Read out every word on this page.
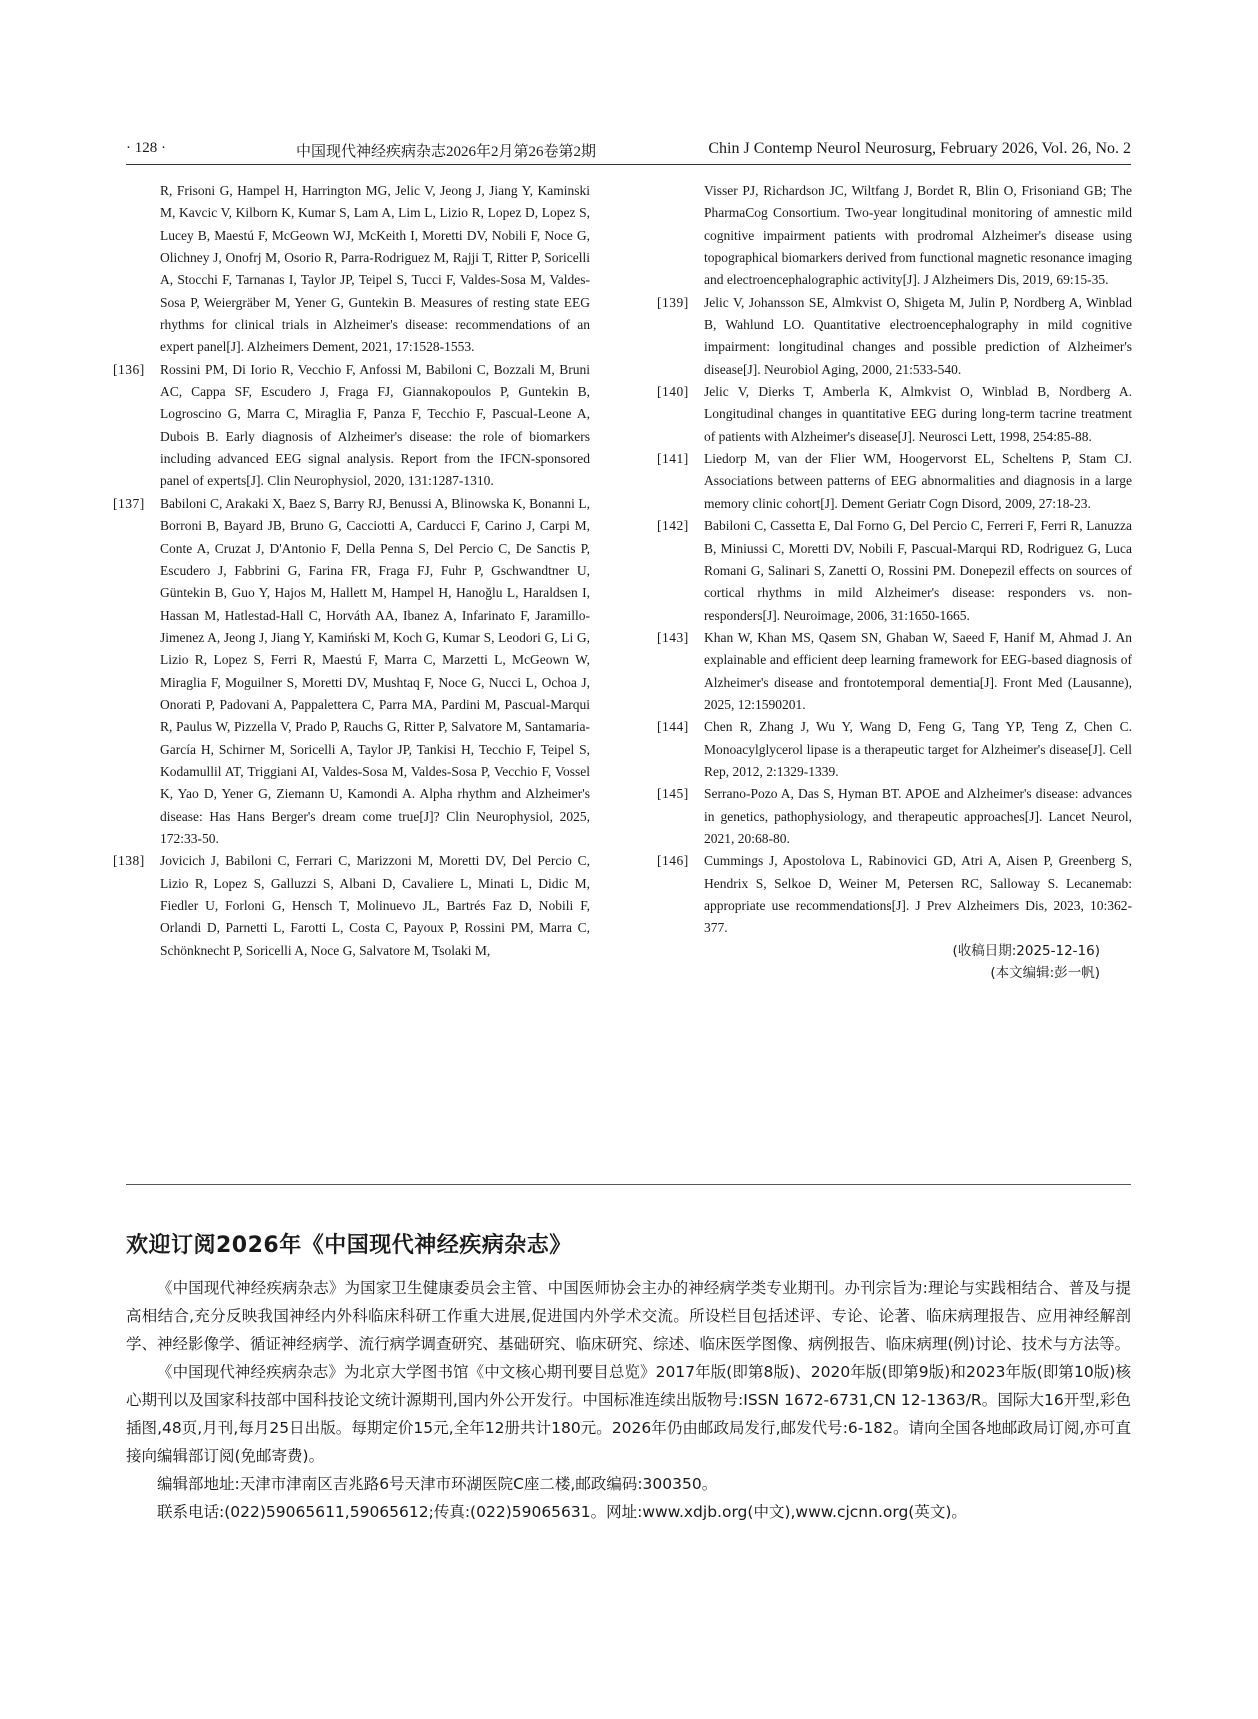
· 128 ·	中国现代神经疾病杂志2026年2月第26卷第2期	Chin J Contemp Neurol Neurosurg, February 2026, Vol. 26, No. 2

R, Frisoni G, Hampel H, Harrington MG, Jelic V, Jeong J, Jiang Y, Kaminski M, Kavcic V, Kilborn K, Kumar S, Lam A, Lim L, Lizio R, Lopez D, Lopez S, Lucey B, Maestú F, McGeown WJ, McKeith I, Moretti DV, Nobili F, Noce G, Olichney J, Onofrj M, Osorio R, Parra-Rodriguez M, Rajji T, Ritter P, Soricelli A, Stocchi F, Tarnanas I, Taylor JP, Teipel S, Tucci F, Valdes-Sosa M, Valdes-Sosa P, Weiergräber M, Yener G, Guntekin B. Measures of resting state EEG rhythms for clinical trials in Alzheimer's disease: recommendations of an expert panel[J]. Alzheimers Dement, 2021, 17:1528-1553.

[136] Rossini PM, Di Iorio R, Vecchio F, Anfossi M, Babiloni C, Bozzali M, Bruni AC, Cappa SF, Escudero J, Fraga FJ, Giannakopoulos P, Guntekin B, Logroscino G, Marra C, Miraglia F, Panza F, Tecchio F, Pascual-Leone A, Dubois B. Early diagnosis of Alzheimer's disease: the role of biomarkers including advanced EEG signal analysis. Report from the IFCN-sponsored panel of experts[J]. Clin Neurophysiol, 2020, 131:1287-1310.

[137] Babiloni C, Arakaki X, Baez S, Barry RJ, Benussi A, Blinowska K, Bonanni L, Borroni B, Bayard JB, Bruno G, Cacciotti A, Carducci F, Carino J, Carpi M, Conte A, Cruzat J, D'Antonio F, Della Penna S, Del Percio C, De Sanctis P, Escudero J, Fabbrini G, Farina FR, Fraga FJ, Fuhr P, Gschwandtner U, Güntekin B, Guo Y, Hajos M, Hallett M, Hampel H, Hanoğlu L, Haraldsen I, Hassan M, Hatlestad-Hall C, Horváth AA, Ibanez A, Infarinato F, Jaramillo-Jimenez A, Jeong J, Jiang Y, Kamiński M, Koch G, Kumar S, Leodori G, Li G, Lizio R, Lopez S, Ferri R, Maestú F, Marra C, Marzetti L, McGeown W, Miraglia F, Moguilner S, Moretti DV, Mushtaq F, Noce G, Nucci L, Ochoa J, Onorati P, Padovani A, Pappalettera C, Parra MA, Pardini M, Pascual-Marqui R, Paulus W, Pizzella V, Prado P, Rauchs G, Ritter P, Salvatore M, Santamaria-García H, Schirner M, Soricelli A, Taylor JP, Tankisi H, Tecchio F, Teipel S, Kodamullil AT, Triggiani AI, Valdes-Sosa M, Valdes-Sosa P, Vecchio F, Vossel K, Yao D, Yener G, Ziemann U, Kamondi A. Alpha rhythm and Alzheimer's disease: Has Hans Berger's dream come true[J]? Clin Neurophysiol, 2025, 172:33-50.

[138] Jovicich J, Babiloni C, Ferrari C, Marizzoni M, Moretti DV, Del Percio C, Lizio R, Lopez S, Galluzzi S, Albani D, Cavaliere L, Minati L, Didic M, Fiedler U, Forloni G, Hensch T, Molinuevo JL, Bartrés Faz D, Nobili F, Orlandi D, Parnetti L, Farotti L, Costa C, Payoux P, Rossini PM, Marra C, Schönknecht P, Soricelli A, Noce G, Salvatore M, Tsolaki M,

Visser PJ, Richardson JC, Wiltfang J, Bordet R, Blin O, Frisoniand GB; The PharmaCog Consortium. Two-year longitudinal monitoring of amnestic mild cognitive impairment patients with prodromal Alzheimer's disease using topographical biomarkers derived from functional magnetic resonance imaging and electroencephalographic activity[J]. J Alzheimers Dis, 2019, 69:15-35.

[139] Jelic V, Johansson SE, Almkvist O, Shigeta M, Julin P, Nordberg A, Winblad B, Wahlund LO. Quantitative electroencephalography in mild cognitive impairment: longitudinal changes and possible prediction of Alzheimer's disease[J]. Neurobiol Aging, 2000, 21:533-540.

[140] Jelic V, Dierks T, Amberla K, Almkvist O, Winblad B, Nordberg A. Longitudinal changes in quantitative EEG during long-term tacrine treatment of patients with Alzheimer's disease[J]. Neurosci Lett, 1998, 254:85-88.

[141] Liedorp M, van der Flier WM, Hoogervorst EL, Scheltens P, Stam CJ. Associations between patterns of EEG abnormalities and diagnosis in a large memory clinic cohort[J]. Dement Geriatr Cogn Disord, 2009, 27:18-23.

[142] Babiloni C, Cassetta E, Dal Forno G, Del Percio C, Ferreri F, Ferri R, Lanuzza B, Miniussi C, Moretti DV, Nobili F, Pascual-Marqui RD, Rodriguez G, Luca Romani G, Salinari S, Zanetti O, Rossini PM. Donepezil effects on sources of cortical rhythms in mild Alzheimer's disease: responders vs. non-responders[J]. Neuroimage, 2006, 31:1650-1665.

[143] Khan W, Khan MS, Qasem SN, Ghaban W, Saeed F, Hanif M, Ahmad J. An explainable and efficient deep learning framework for EEG-based diagnosis of Alzheimer's disease and frontotemporal dementia[J]. Front Med (Lausanne), 2025, 12:1590201.

[144] Chen R, Zhang J, Wu Y, Wang D, Feng G, Tang YP, Teng Z, Chen C. Monoacylglycerol lipase is a therapeutic target for Alzheimer's disease[J]. Cell Rep, 2012, 2:1329-1339.

[145] Serrano-Pozo A, Das S, Hyman BT. APOE and Alzheimer's disease: advances in genetics, pathophysiology, and therapeutic approaches[J]. Lancet Neurol, 2021, 20:68-80.

[146] Cummings J, Apostolova L, Rabinovici GD, Atri A, Aisen P, Greenberg S, Hendrix S, Selkoe D, Weiner M, Petersen RC, Salloway S. Lecanemab: appropriate use recommendations[J]. J Prev Alzheimers Dis, 2023, 10:362-377.

(收稿日期:2025-12-16)
(本文编辑:彭一帆)
欢迎订阅2026年《中国现代神经疾病杂志》

《中国现代神经疾病杂志》为国家卫生健康委员会主管、中国医师协会主办的神经病学类专业期刊。办刊宗旨为:理论与实践相结合、普及与提高相结合,充分反映我国神经内外科临床科研工作重大进展,促进国内外学术交流。所设栏目包括述评、专论、论著、临床病理报告、应用神经解剖学、神经影像学、循证神经病学、流行病学调查研究、基础研究、临床研究、综述、临床医学图像、病例报告、临床病理(例)讨论、技术与方法等。

《中国现代神经疾病杂志》为北京大学图书馆《中文核心期刊要目总览》2017年版(即第8版)、2020年版(即第9版)和2023年版(即第10版)核心期刊以及国家科技部中国科技论文统计源期刊,国内外公开发行。中国标准连续出版物号:ISSN 1672-6731,CN 12-1363/R。国际大16开型,彩色插图,48页,月刊,每月25日出版。每期定价15元,全年12册共计180元。2026年仍由邮政局发行,邮发代号:6-182。请向全国各地邮政局订阅,亦可直接向编辑部订阅(免邮寄费)。

编辑部地址:天津市津南区吉兆路6号天津市环湖医院C座二楼,邮政编码:300350。

联系电话:(022)59065611,59065612;传真:(022)59065631。网址:www.xdjb.org(中文),www.cjcnn.org(英文)。
